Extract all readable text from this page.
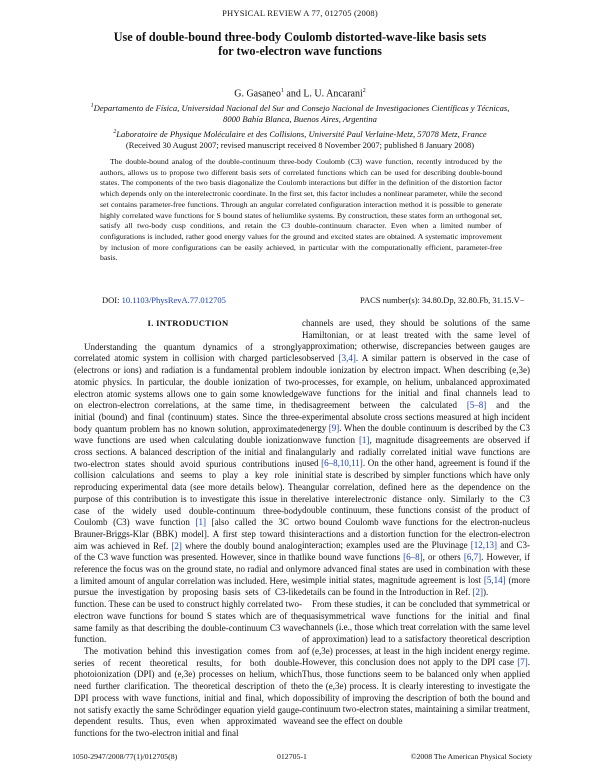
PHYSICAL REVIEW A 77, 012705 (2008)
Use of double-bound three-body Coulomb distorted-wave-like basis sets
for two-electron wave functions
G. Gasaneo$^1$ and L. U. Ancarani$^2$
$^1$Departamento de Física, Universidad Nacional del Sur and Consejo Nacional de Investigaciones Científicas y Técnicas,
8000 Bahía Blanca, Buenos Aires, Argentina
$^2$Laboratoire de Physique Moléculaire et des Collisions, Université Paul Verlaine-Metz, 57078 Metz, France
(Received 30 August 2007; revised manuscript received 8 November 2007; published 8 January 2008)

The double-bound analog of the double-continuum three-body Coulomb (C3) wave function, recently introduced by the authors, allows us to propose two different basis sets of correlated functions which can be used for describing double-bound states. The components of the two basis diagonalize the Coulomb interactions but differ in the definition of the distortion factor which depends only on the interelectronic coordinate. In the first set, this factor includes a nonlinear parameter, while the second set contains parameter-free functions. Through an angular correlated configuration interaction method it is possible to generate highly correlated wave functions for S bound states of heliumlike systems. By construction, these states form an orthogonal set, satisfy all two-body cusp conditions, and retain the C3 double-continuum character. Even when a limited number of configurations is included, rather good energy values for the ground and excited states are obtained. A systematic improvement by inclusion of more configurations can be easily achieved, in particular with the computationally efficient, parameter-free basis.

DOI: 10.1103/PhysRevA.77.012705	PACS number(s): 34.80.Dp, 32.80.Fb, 31.15.V−
I. INTRODUCTION

Understanding the quantum dynamics of a strongly correlated atomic system in collision with charged particles (electrons or ions) and radiation is a fundamental problem in atomic physics. In particular, the double ionization of two-electron atomic systems allows one to gain some knowledge on electron-electron correlations, at the same time, in the initial (bound) and final (continuum) states. Since the three-body quantum problem has no known solution, approximated wave functions are used when calculating double ionization cross sections. A balanced description of the initial and final two-electron states should avoid spurious contributions in collision calculations and seems to play a key role in reproducing experimental data (see more details below). The purpose of this contribution is to investigate this issue in the case of the widely used double-continuum three-body Coulomb (C3) wave function [1] [also called the 3C or Brauner-Briggs-Klar (BBK) model]. A first step toward this aim was achieved in Ref. [2] where the doubly bound analog of the C3 wave function was presented. However, since in that reference the focus was on the ground state, no radial and only a limited amount of angular correlation was included. Here, we pursue the investigation by proposing basis sets of C3-like function. These can be used to construct highly correlated two-electron wave functions for bound S states which are of the same family as that describing the double-continuum C3 wave function.

The motivation behind this investigation comes from a series of recent theoretical results, for both double-photoionization (DPI) and (e,3e) processes on helium, which need further clarification. The theoretical description of the DPI process with wave functions, initial and final, which do not satisfy exactly the same Schrödinger equation yield gauge-dependent results. Thus, even when approximated wave functions for the two-electron initial and final

channels are used, they should be solutions of the same Hamiltonian, or at least treated with the same level of approximation; otherwise, discrepancies between gauges are observed [3,4]. A similar pattern is observed in the case of double ionization by electron impact. When describing (e,3e) processes, for example, on helium, unbalanced approximated wave functions for the initial and final channels lead to disagreement between the calculated [5–8] and the experimental absolute cross sections measured at high incident energy [9]. When the double continuum is described by the C3 wave function [1], magnitude disagreements are observed if angularly and radially correlated initial wave functions are used [6–8,10,11]. On the other hand, agreement is found if the initial state is described by simpler functions which have only angular correlation, defined here as the dependence on the relative interelectronic distance only. Similarly to the C3 double continuum, these functions consist of the product of two bound Coulomb wave functions for the electron-nucleus interactions and a distortion function for the electron-electron interaction; examples used are the Pluvinage [12,13] and C3-like bound wave functions [6–8], or others [6,7]. However, if more advanced final states are used in combination with these simple initial states, magnitude agreement is lost [5,14] (more details can be found in the Introduction in Ref. [2]).

From these studies, it can be concluded that symmetrical or quasisymmetrical wave functions for the initial and final channels (i.e., those which treat correlation with the same level of approximation) lead to a satisfactory theoretical description of (e,3e) processes, at least in the high incident energy regime. However, this conclusion does not apply to the DPI case [7]. Thus, those functions seem to be balanced only when applied to the (e,3e) process. It is clearly interesting to investigate the possibility of improving the description of both the bound and continuum two-electron states, maintaining a similar treatment, and see the effect on double

1050-2947/2008/77(1)/012705(8)	012705-1	©2008 The American Physical Society
